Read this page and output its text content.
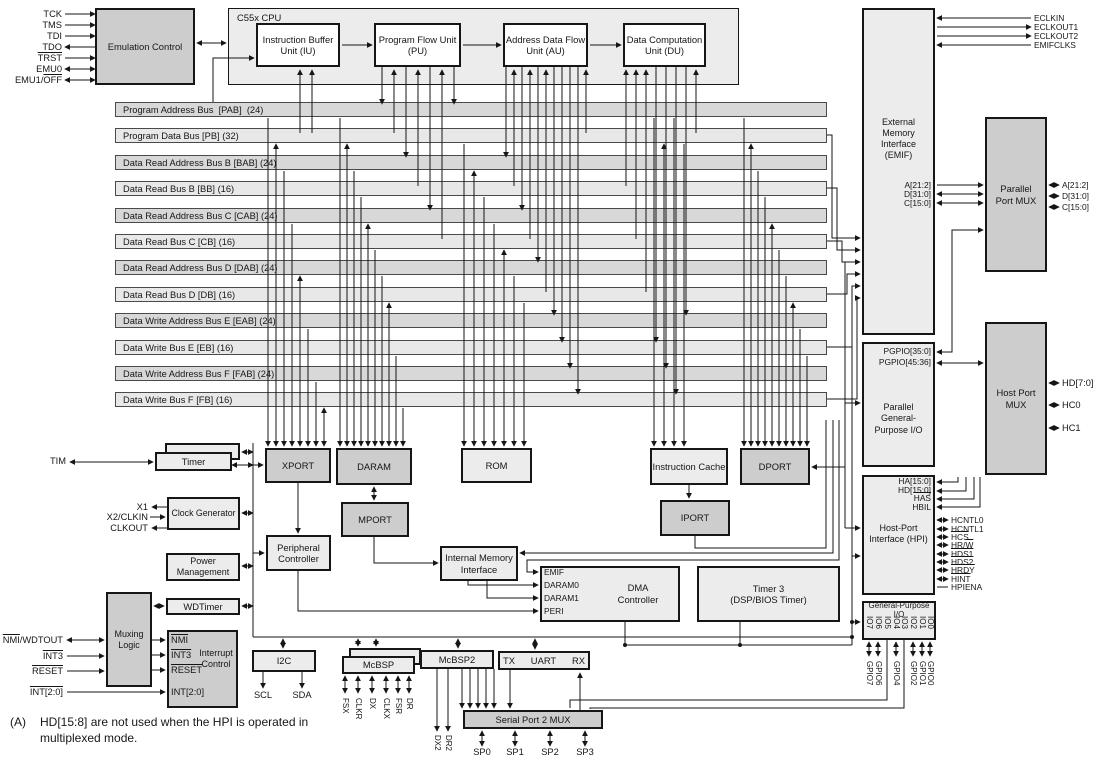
Emulation Control
C55x CPU
Instruction Buffer Unit (IU)
Program Flow Unit (PU)
Address Data Flow Unit (AU)
Data Computation Unit (DU)
External
Memory
Interface
(EMIF)
Parallel
Port MUX
Parallel
General-
Purpose I/O
Host Port
MUX
Host-Port
Interface (HPI)
General-Purpose
I/O
XPORT	DARAM	ROM	Instruction Cache	DPORT
MPORT	IPORT
Peripheral Controller	Internal Memory Interface
DMA Controller
Timer 3
(DSP/BIOS Timer)
Timer
Clock Generator
Power Management
WDTimer
Muxing Logic
Interrupt Control	I2C	McBSP	McBSP2	TX UART RX
Serial Port 2 MUX
TIM
(A) HD[15:8] are not used when the HPI is operated in
multiplexed mode.
Program Address Bus  [PAB]  (24)
Program Data Bus [PB] (32)
Data Read Address Bus B [BAB] (24)
Data Read Bus B [BB] (16)
Data Read Address Bus C [CAB] (24)
Data Read Bus C [CB] (16)
Data Read Address Bus D [DAB] (24)
Data Read Bus D [DB] (16)
Data Write Address Bus E [EAB] (24)
Data Write Bus E [EB] (16)
Data Write Address Bus F [FAB] (24)
Data Write Bus F [FB] (16)
TCK
TMS
TDI
TDO
TRST
EMU0
$EMU1/\overline{OFF}$
ECLKIN
ECLKOUT1
ECLKOUT2
EMIFCLKS
A[21:2]
D[31:0]
C[15:0]
A[21:2]
D[31:0]
C[15:0]
HD[7:0]
HC0
HC1
PGPIO[35:0]
PGPIO[45:36]
HA[15:0]
HD[15:0]
$\overline{HAS}$
HBIL
HCNTL0
HCNTL1
$\overline{HCS}$
$HR/\overline{W}$
HDS1
HDS2
HRDY
HINT
HPIENA
X1
X2/CLKIN
CLKOUT
$\overline{NMI}$/WDTOUT
INT3
RESET
INT[2:0]
$\overline{NMI}$
INT3
RESET
INT[2:0]
EMIF
DARAM0
DARAM1
PERI
SCL	SDA
SP0	SP1	SP2	SP3
IO7 IO6 IO5 IO4 IO3 IO2 IO1 IO0
GPIO7 GPIO6 GPIO4 GPIO2 GPIO1 GPIO0
FSX CLKR DX CLKX FSR DR
DX2 DR2
